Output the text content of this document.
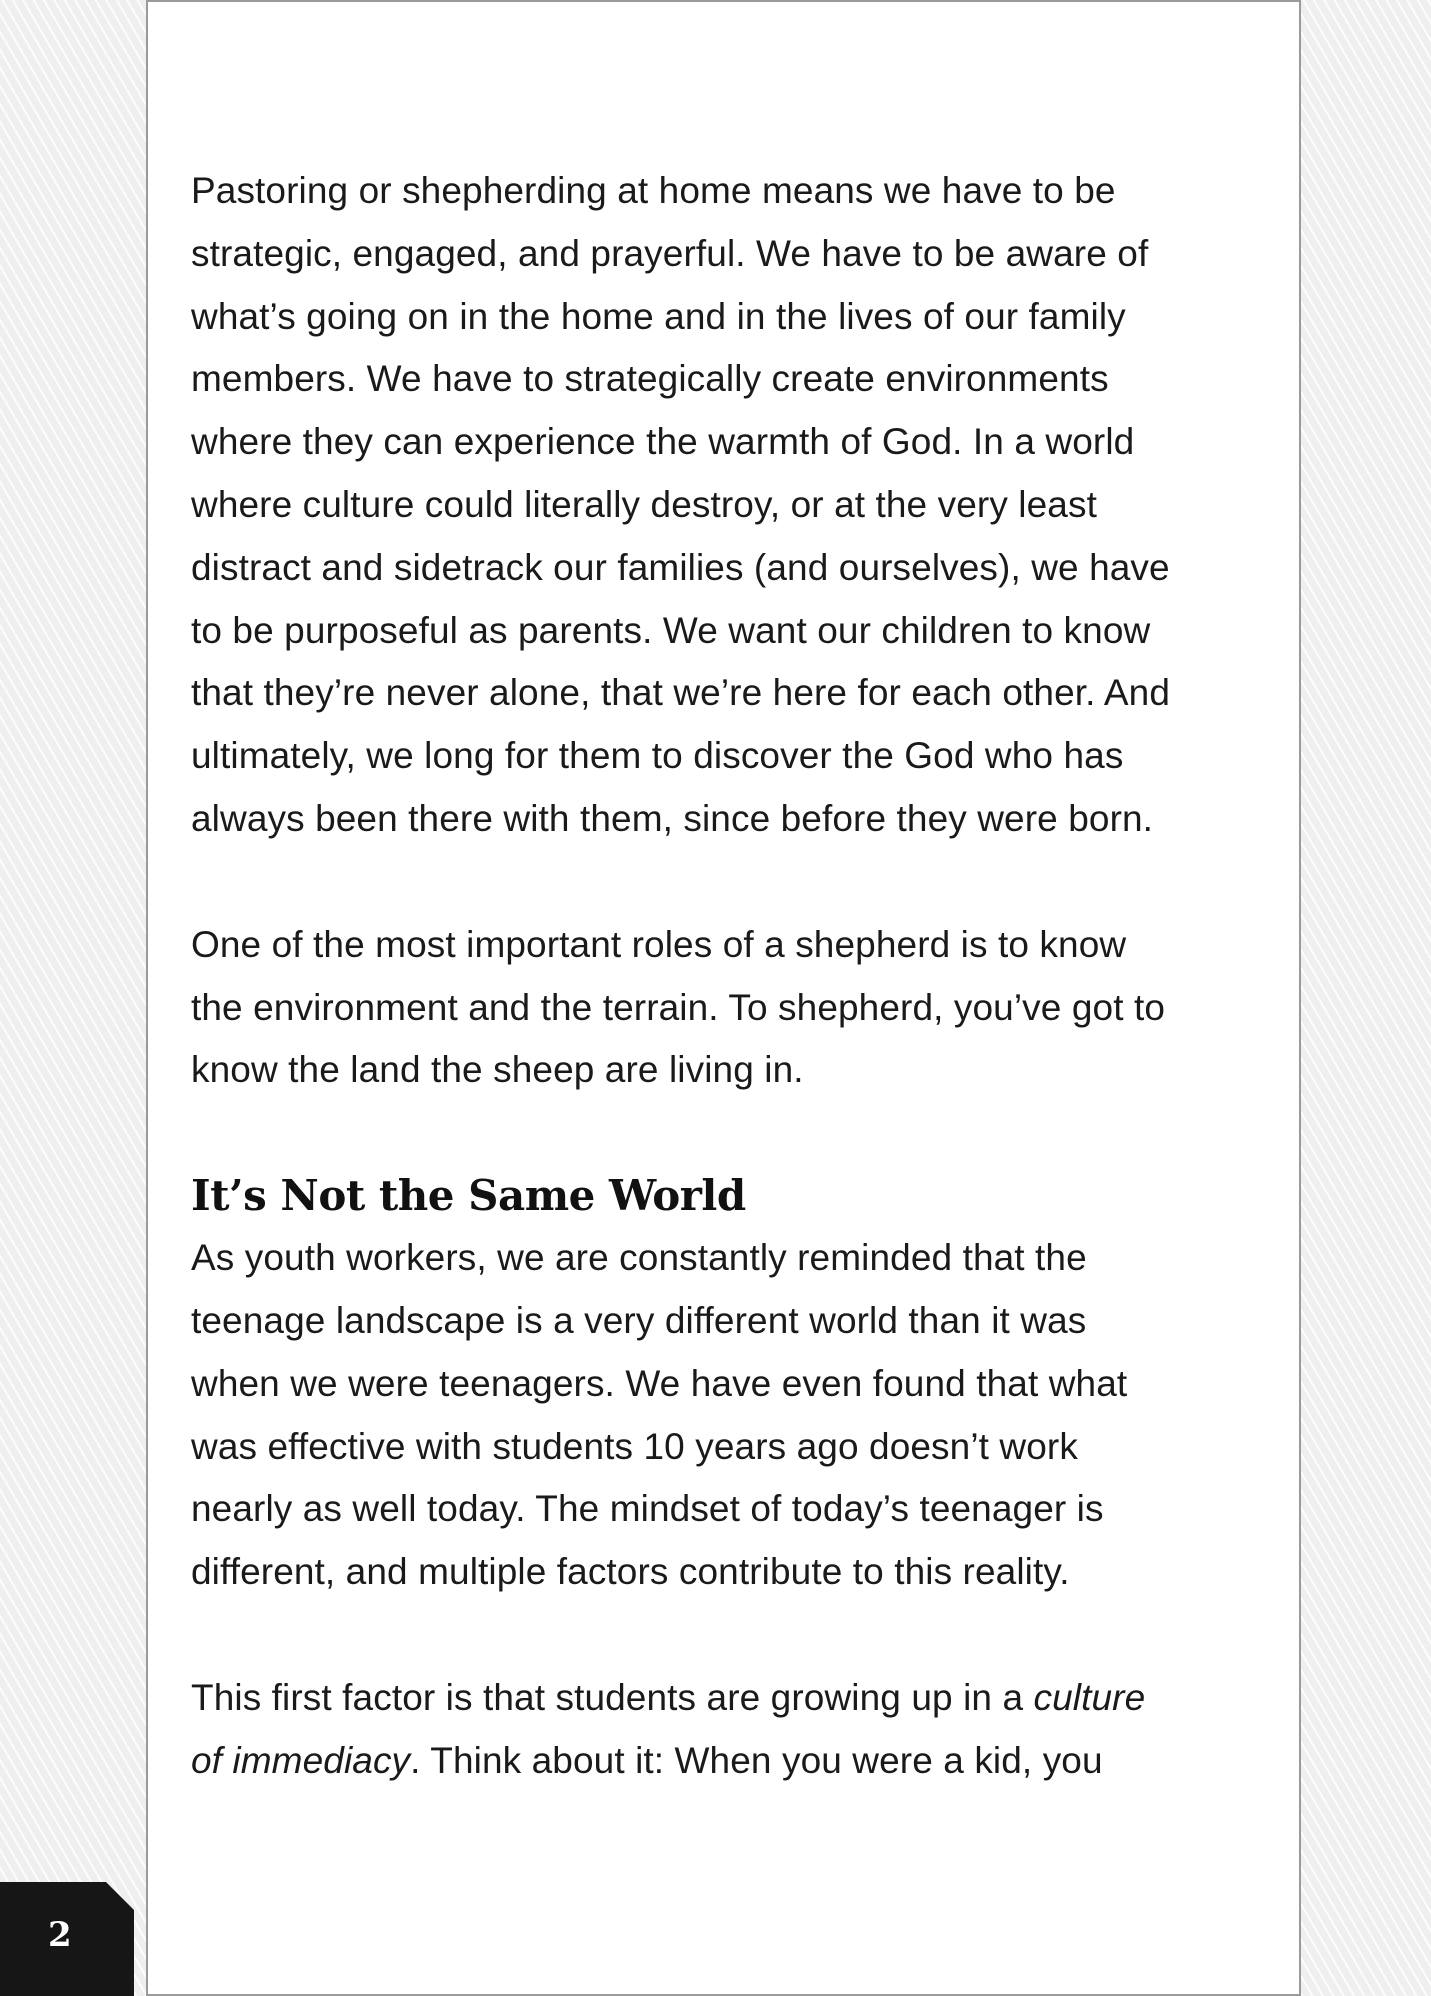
Pastoring or shepherding at home means we have to be
strategic, engaged, and prayerful. We have to be aware of
what’s going on in the home and in the lives of our family
members. We have to strategically create environments
where they can experience the warmth of God. In a world
where culture could literally destroy, or at the very least
distract and sidetrack our families (and ourselves), we have
to be purposeful as parents. We want our children to know
that they’re never alone, that we’re here for each other. And
ultimately, we long for them to discover the God who has
always been there with them, since before they were born.

One of the most important roles of a shepherd is to know
the environment and the terrain. To shepherd, you’ve got to
know the land the sheep are living in.

It’s Not the Same World

As youth workers, we are constantly reminded that the
teenage landscape is a very different world than it was
when we were teenagers. We have even found that what
was effective with students 10 years ago doesn’t work
nearly as well today. The mindset of today’s teenager is
different, and multiple factors contribute to this reality.

This first factor is that students are growing up in a culture
of immediacy. Think about it: When you were a kid, you

2
